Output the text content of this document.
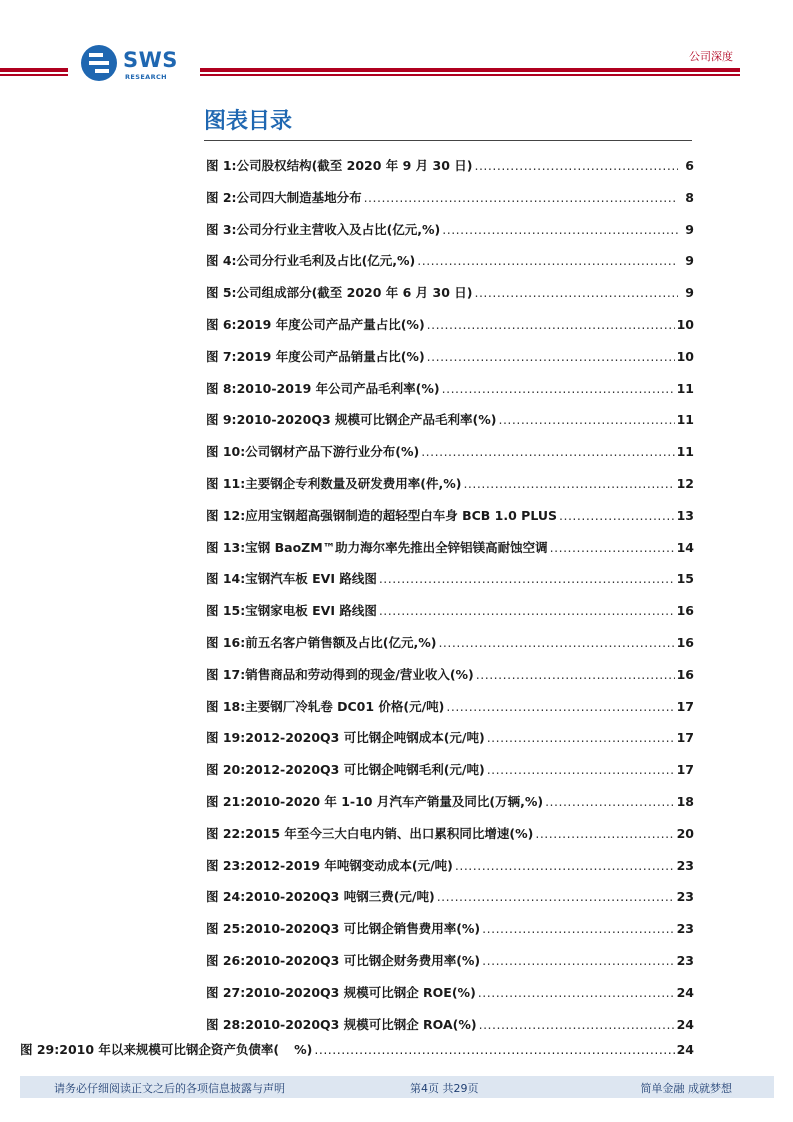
SWS
RESEARCH
公司深度
图表目录
图 1: 公司股权结构(截至 2020 年 9 月 30 日) .....	6
图 2: 公司四大制造基地分布 .....	8
图 3: 公司分行业主营收入及占比(亿元,%) .....	9
图 4: 公司分行业毛利及占比(亿元,%) .....	9
图 5: 公司组成部分(截至 2020 年 6 月 30 日) .....	9
图 6: 2019 年度公司产品产量占比(%) .....	10
图 7: 2019 年度公司产品销量占比(%) .....	10
图 8: 2010-2019 年公司产品毛利率(%) .....	11
图 9: 2010-2020Q3 规模可比钢企产品毛利率(%) .....	11
图 10: 公司钢材产品下游行业分布(%) .....	11
图 11: 主要钢企专利数量及研发费用率(件,%) .....	12
图 12: 应用宝钢超高强钢制造的超轻型白车身 BCB 1.0 PLUS .....	13
图 13: 宝钢 BaoZM™助力海尔率先推出全锌铝镁高耐蚀空调 .....	14
图 14: 宝钢汽车板 EVI 路线图 .....	15
图 15: 宝钢家电板 EVI 路线图 .....	16
图 16: 前五名客户销售额及占比(亿元,%) .....	16
图 17: 销售商品和劳动得到的现金/营业收入(%) .....	16
图 18: 主要钢厂冷轧卷 DC01 价格(元/吨) .....	17
图 19: 2012-2020Q3 可比钢企吨钢成本(元/吨) .....	17
图 20: 2012-2020Q3 可比钢企吨钢毛利(元/吨) .....	17
图 21: 2010-2020 年 1-10 月汽车产销量及同比(万辆,%) .....	18
图 22: 2015 年至今三大白电内销、出口累积同比增速(%) .....	20
图 23: 2012-2019 年吨钢变动成本(元/吨) .....	23
图 24: 2010-2020Q3 吨钢三费(元/吨) .....	23
图 25: 2010-2020Q3 可比钢企销售费用率(%) .....	23
图 26: 2010-2020Q3 可比钢企财务费用率(%) .....	23
图 27: 2010-2020Q3 规模可比钢企 ROE(%) .....	24
图 28: 2010-2020Q3 规模可比钢企 ROA(%) .....	24
图 29: 2010 年以来规模可比钢企资产负债率(	%) .....	24
请务必仔细阅读正文之后的各项信息披露与声明	第4页 共29页	简单金融 成就梦想
